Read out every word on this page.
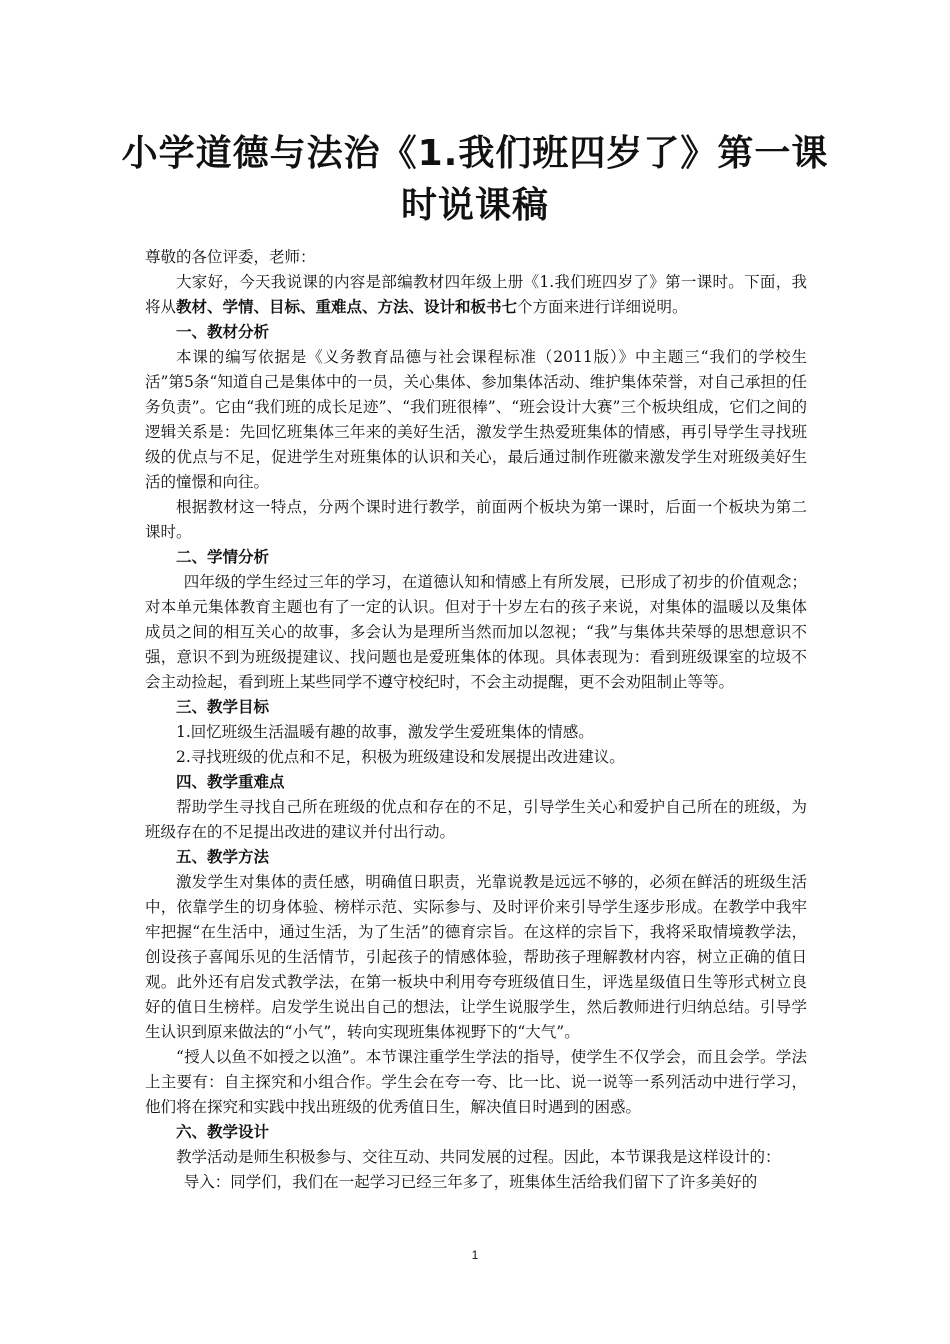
小学道德与法治《1.我们班四岁了》第一课时说课稿

尊敬的各位评委，老师：

大家好，今天我说课的内容是部编教材四年级上册《1.我们班四岁了》第一课时。下面，我将从教材、学情、目标、重难点、方法、设计和板书七个方面来进行详细说明。

一、教材分析

本课的编写依据是《义务教育品德与社会课程标准（2011版）》中主题三“我们的学校生活”第5条“知道自己是集体中的一员，关心集体、参加集体活动、维护集体荣誉，对自己承担的任务负责”。它由“我们班的成长足迹”、“我们班很棒”、“班会设计大赛”三个板块组成，它们之间的逻辑关系是：先回忆班集体三年来的美好生活，激发学生热爱班集体的情感，再引导学生寻找班级的优点与不足，促进学生对班集体的认识和关心，最后通过制作班徽来激发学生对班级美好生活的憧憬和向往。

根据教材这一特点，分两个课时进行教学，前面两个板块为第一课时，后面一个板块为第二课时。

二、学情分析

四年级的学生经过三年的学习，在道德认知和情感上有所发展，已形成了初步的价值观念；对本单元集体教育主题也有了一定的认识。但对于十岁左右的孩子来说，对集体的温暖以及集体成员之间的相互关心的故事，多会认为是理所当然而加以忽视；“我”与集体共荣辱的思想意识不强，意识不到为班级提建议、找问题也是爱班集体的体现。具体表现为：看到班级课室的垃圾不会主动捡起，看到班上某些同学不遵守校纪时，不会主动提醒，更不会劝阻制止等等。

三、教学目标

1.回忆班级生活温暖有趣的故事，激发学生爱班集体的情感。

2.寻找班级的优点和不足，积极为班级建设和发展提出改进建议。

四、教学重难点

帮助学生寻找自己所在班级的优点和存在的不足，引导学生关心和爱护自己所在的班级，为班级存在的不足提出改进的建议并付出行动。

五、教学方法

激发学生对集体的责任感，明确值日职责，光靠说教是远远不够的，必须在鲜活的班级生活中，依靠学生的切身体验、榜样示范、实际参与、及时评价来引导学生逐步形成。在教学中我牢牢把握“在生活中，通过生活，为了生活”的德育宗旨。在这样的宗旨下，我将采取情境教学法，创设孩子喜闻乐见的生活情节，引起孩子的情感体验，帮助孩子理解教材内容，树立正确的值日观。此外还有启发式教学法，在第一板块中利用夸夸班级值日生，评选星级值日生等形式树立良好的值日生榜样。启发学生说出自己的想法，让学生说服学生，然后教师进行归纳总结。引导学生认识到原来做法的“小气”，转向实现班集体视野下的“大气”。

“授人以鱼不如授之以渔”。本节课注重学生学法的指导，使学生不仅学会，而且会学。学法上主要有：自主探究和小组合作。学生会在夸一夸、比一比、说一说等一系列活动中进行学习，他们将在探究和实践中找出班级的优秀值日生，解决值日时遇到的困惑。

六、教学设计

教学活动是师生积极参与、交往互动、共同发展的过程。因此，本节课我是这样设计的：

导入：同学们，我们在一起学习已经三年多了，班集体生活给我们留下了许多美好的

1
